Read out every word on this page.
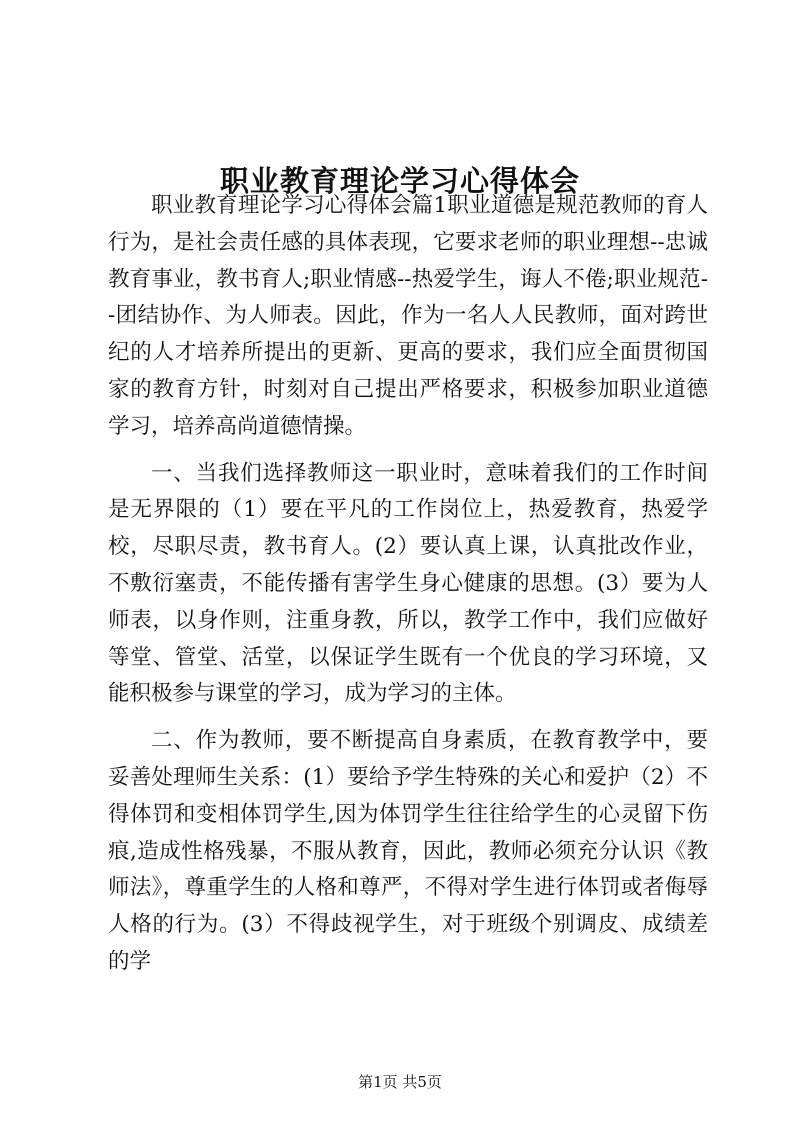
职业教育理论学习心得体会

职业教育理论学习心得体会篇1职业道德是规范教师的育人行为，是社会责任感的具体表现，它要求老师的职业理想--忠诚教育事业，教书育人;职业情感--热爱学生，诲人不倦;职业规范--团结协作、为人师表。因此，作为一名人人民教师，面对跨世纪的人才培养所提出的更新、更高的要求，我们应全面贯彻国家的教育方针，时刻对自己提出严格要求，积极参加职业道德学习，培养高尚道德情操。

一、当我们选择教师这一职业时，意味着我们的工作时间是无界限的（1）要在平凡的工作岗位上，热爱教育，热爱学校，尽职尽责，教书育人。(2）要认真上课，认真批改作业，不敷衍塞责，不能传播有害学生身心健康的思想。(3）要为人师表，以身作则，注重身教，所以，教学工作中，我们应做好等堂、管堂、活堂，以保证学生既有一个优良的学习环境，又能积极参与课堂的学习，成为学习的主体。

二、作为教师，要不断提高自身素质，在教育教学中，要妥善处理师生关系：(1）要给予学生特殊的关心和爱护（2）不得体罚和变相体罚学生,因为体罚学生往往给学生的心灵留下伤痕,造成性格残暴，不服从教育，因此，教师必须充分认识《教师法》，尊重学生的人格和尊严，不得对学生进行体罚或者侮辱人格的行为。(3）不得歧视学生，对于班级个别调皮、成绩差的学

第1页 共5页
